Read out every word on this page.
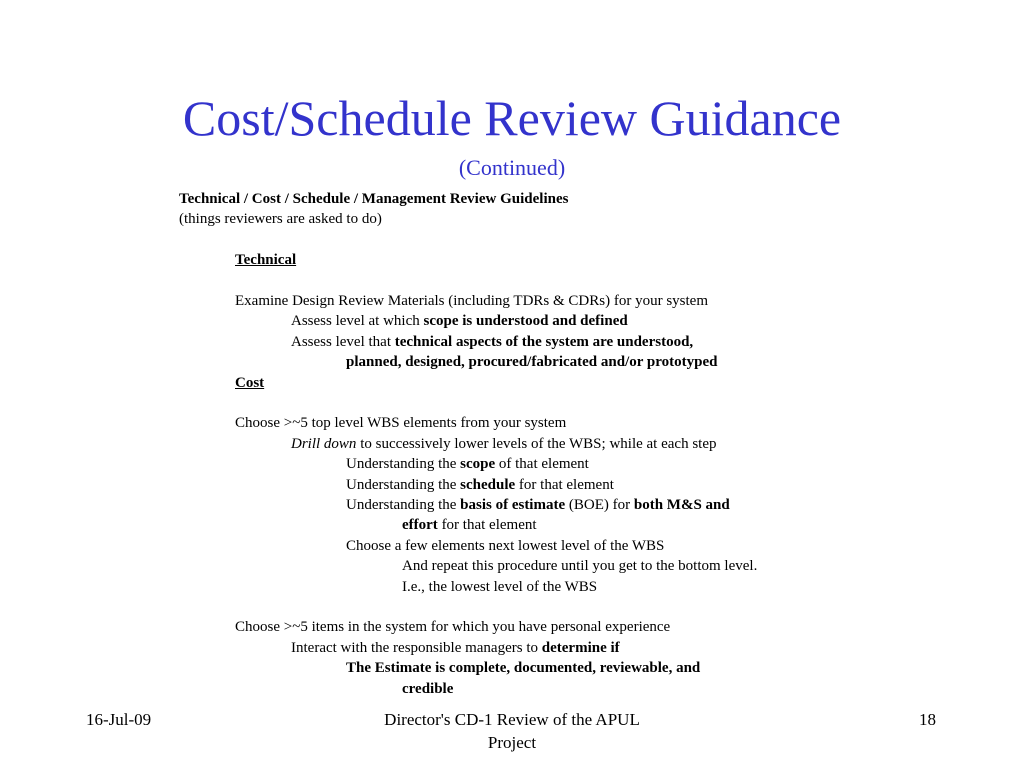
Cost/Schedule Review Guidance
(Continued)
Technical / Cost / Schedule / Management Review Guidelines
(things reviewers are asked to do)
Technical
Examine Design Review Materials (including TDRs & CDRs) for your system
Assess level at which scope is understood and defined
Assess level that technical aspects of the system are understood,
planned, designed, procured/fabricated and/or prototyped
Cost
Choose >~5 top level WBS elements from your system
Drill down to successively lower levels of the WBS; while at each step
Understanding the scope of that element
Understanding the schedule for that element
Understanding the basis of estimate (BOE) for both M&S and
effort for that element
Choose a few elements next lowest level of the WBS
And repeat this procedure until you get to the bottom level.
I.e., the lowest level of the WBS
Choose >~5 items in the system for which you have personal experience
Interact with the responsible managers to determine if
The Estimate is complete, documented, reviewable, and
credible
16-Jul-09	Director's CD-1 Review of the APUL
Project
18
